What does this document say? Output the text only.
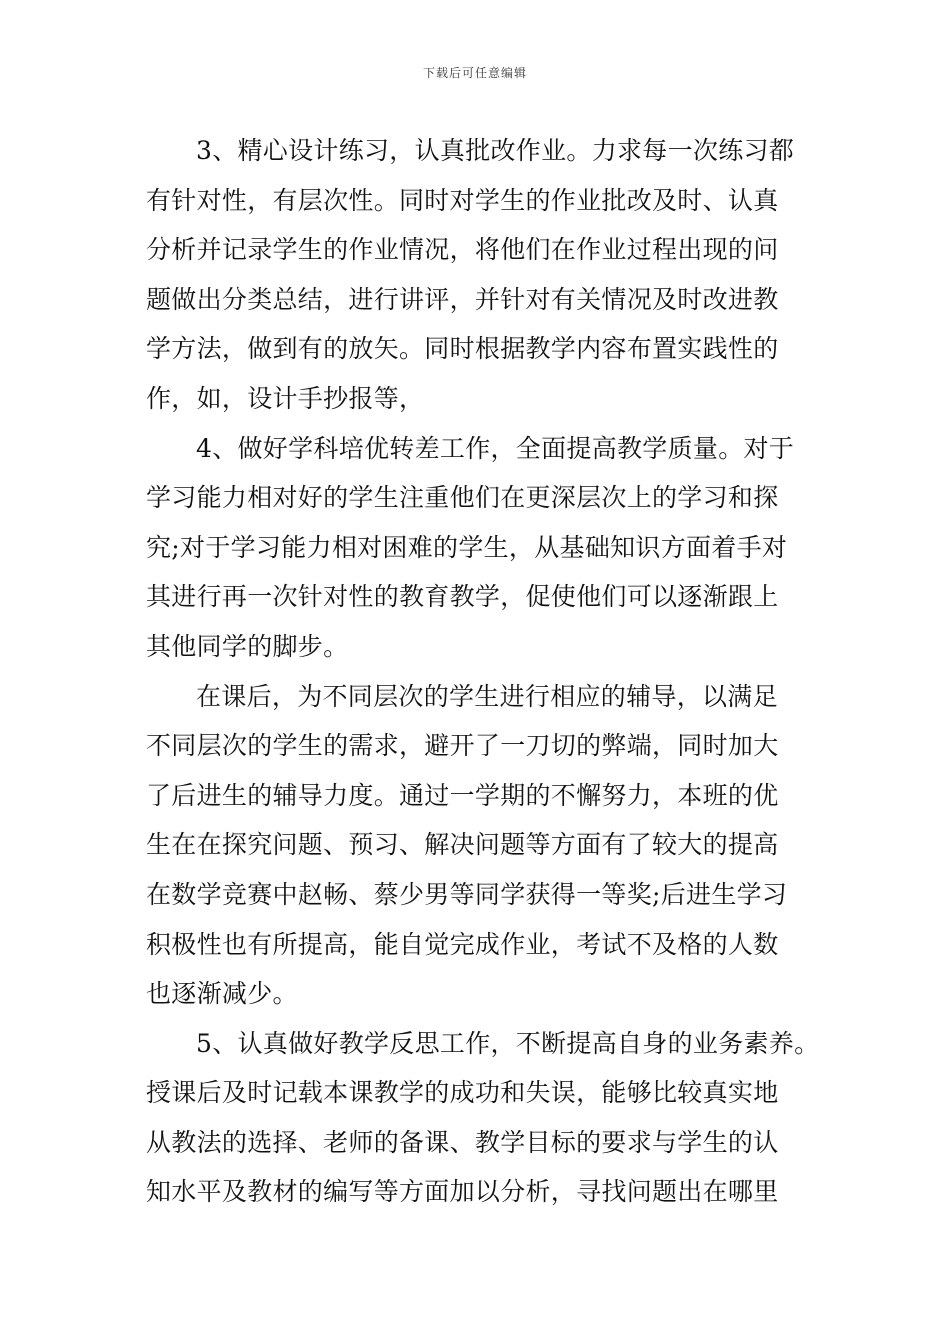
下载后可任意编辑
3、精心设计练习，认真批改作业。力求每一次练习都
有针对性，有层次性。同时对学生的作业批改及时、认真
分析并记录学生的作业情况，将他们在作业过程出现的问
题做出分类总结，进行讲评，并针对有关情况及时改进教
学方法，做到有的放矢。同时根据教学内容布置实践性的
作，如，设计手抄报等，
4、做好学科培优转差工作，全面提高教学质量。对于
学习能力相对好的学生注重他们在更深层次上的学习和探
究;对于学习能力相对困难的学生，从基础知识方面着手对
其进行再一次针对性的教育教学，促使他们可以逐渐跟上
其他同学的脚步。
在课后，为不同层次的学生进行相应的辅导，以满足
不同层次的学生的需求，避开了一刀切的弊端，同时加大
了后进生的辅导力度。通过一学期的不懈努力，本班的优
生在在探究问题、预习、解决问题等方面有了较大的提高
在数学竞赛中赵畅、蔡少男等同学获得一等奖;后进生学习
积极性也有所提高，能自觉完成作业，考试不及格的人数
也逐渐减少。
5、认真做好教学反思工作，不断提高自身的业务素养。
授课后及时记载本课教学的成功和失误，能够比较真实地
从教法的选择、老师的备课、教学目标的要求与学生的认
知水平及教材的编写等方面加以分析，寻找问题出在哪里
